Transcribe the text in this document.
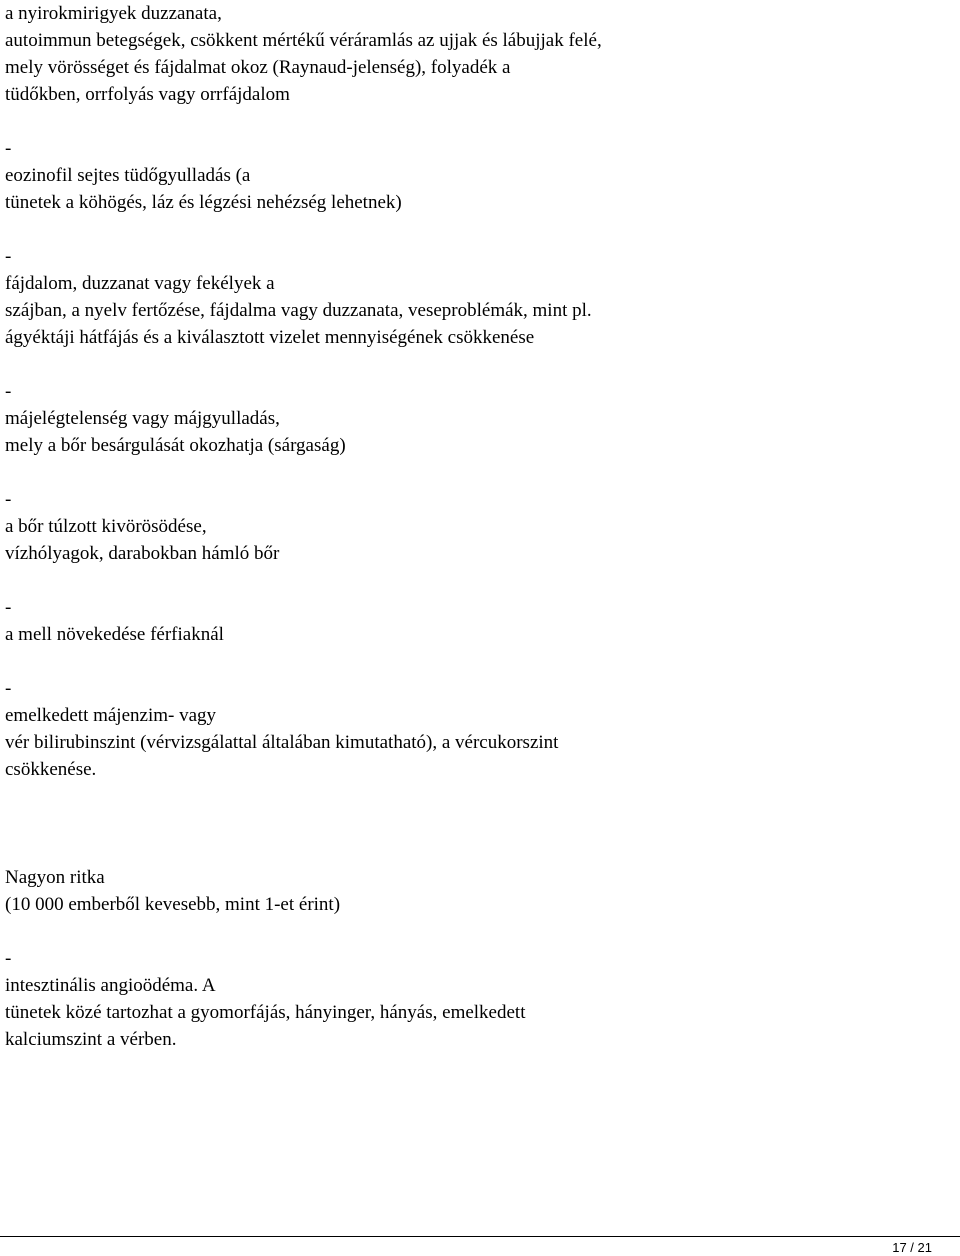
a nyirokmirigyek duzzanata,
autoimmun betegségek, csökkent mértékű véráramlás az ujjak és lábujjak felé,
mely vörösséget és fájdalmat okoz (Raynaud-jelenség), folyadék a
tüdőkben, orrfolyás vagy orrfájdalom
-
eozinofil sejtes tüdőgyulladás (a
tünetek a köhögés, láz és légzési nehézség lehetnek)
-
fájdalom, duzzanat vagy fekélyek a
szájban, a nyelv fertőzése, fájdalma vagy duzzanata, veseproblémák, mint pl.
ágyéktáji hátfájás és a kiválasztott vizelet mennyiségének csökkenése
-
májelégtelenség vagy májgyulladás,
mely a bőr besárgulását okozhatja (sárgaság)
-
a bőr túlzott kivörösödése,
vízhólyagok, darabokban hámló bőr
-
a mell növekedése férfiaknál
-
emelkedett májenzim- vagy
vér bilirubinszint (vérvizsgálattal általában kimutatható), a vércukorszint
csökkenése.
Nagyon ritka
(10 000 emberből kevesebb, mint 1-et érint)
-
intesztinális angioödéma. A
tünetek közé tartozhat a gyomorfájás, hányinger, hányás, emelkedett
kalciumszint a vérben.
17 / 21
